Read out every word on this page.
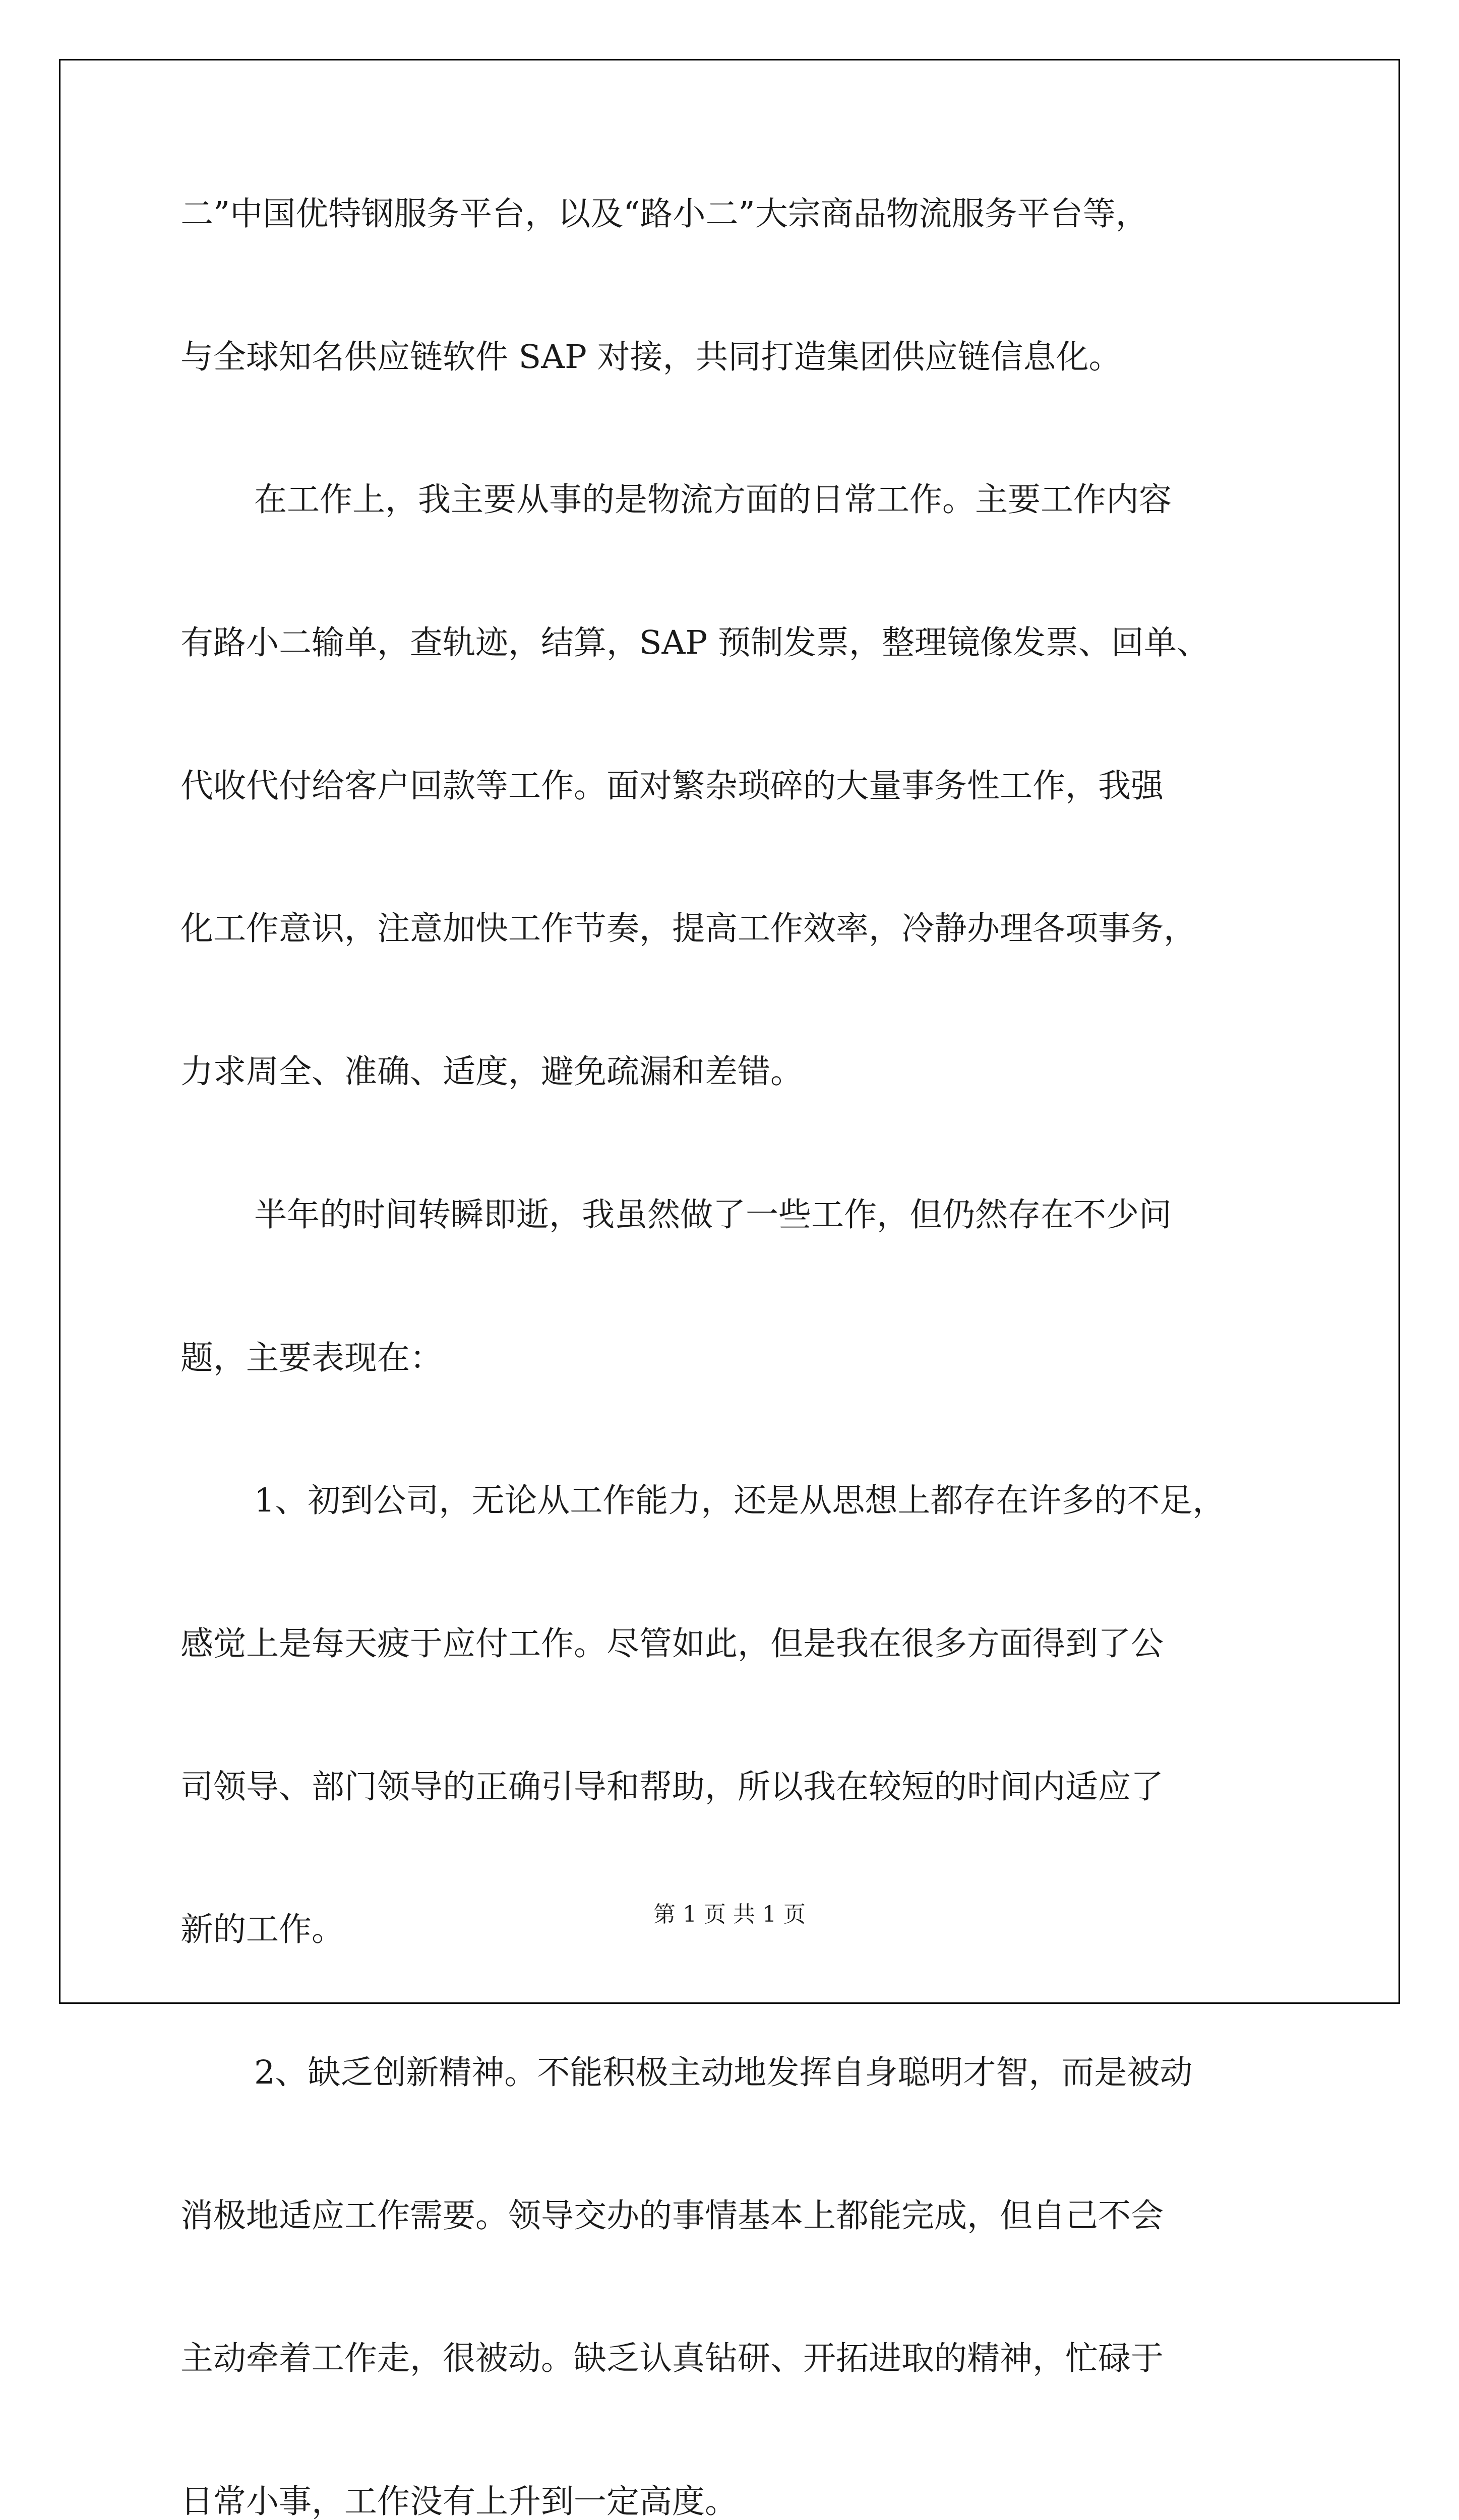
二”中国优特钢服务平台，以及“路小二”大宗商品物流服务平台等，
与全球知名供应链软件 SAP 对接，共同打造集团供应链信息化。
在工作上，我主要从事的是物流方面的日常工作。主要工作内容
有路小二输单，查轨迹，结算，SAP 预制发票，整理镜像发票、回单、
代收代付给客户回款等工作。面对繁杂琐碎的大量事务性工作，我强
化工作意识，注意加快工作节奏，提高工作效率，冷静办理各项事务，
力求周全、准确、适度，避免疏漏和差错。
半年的时间转瞬即逝，我虽然做了一些工作，但仍然存在不少问
题，主要表现在：
1、初到公司，无论从工作能力，还是从思想上都存在许多的不足，
感觉上是每天疲于应付工作。尽管如此，但是我在很多方面得到了公
司领导、部门领导的正确引导和帮助，所以我在较短的时间内适应了
新的工作。
2、缺乏创新精神。不能积极主动地发挥自身聪明才智，而是被动
消极地适应工作需要。领导交办的事情基本上都能完成，但自己不会
主动牵着工作走，很被动。缺乏认真钻研、开拓进取的精神，忙碌于
日常小事，工作没有上升到一定高度。
第 1 页 共 1 页
